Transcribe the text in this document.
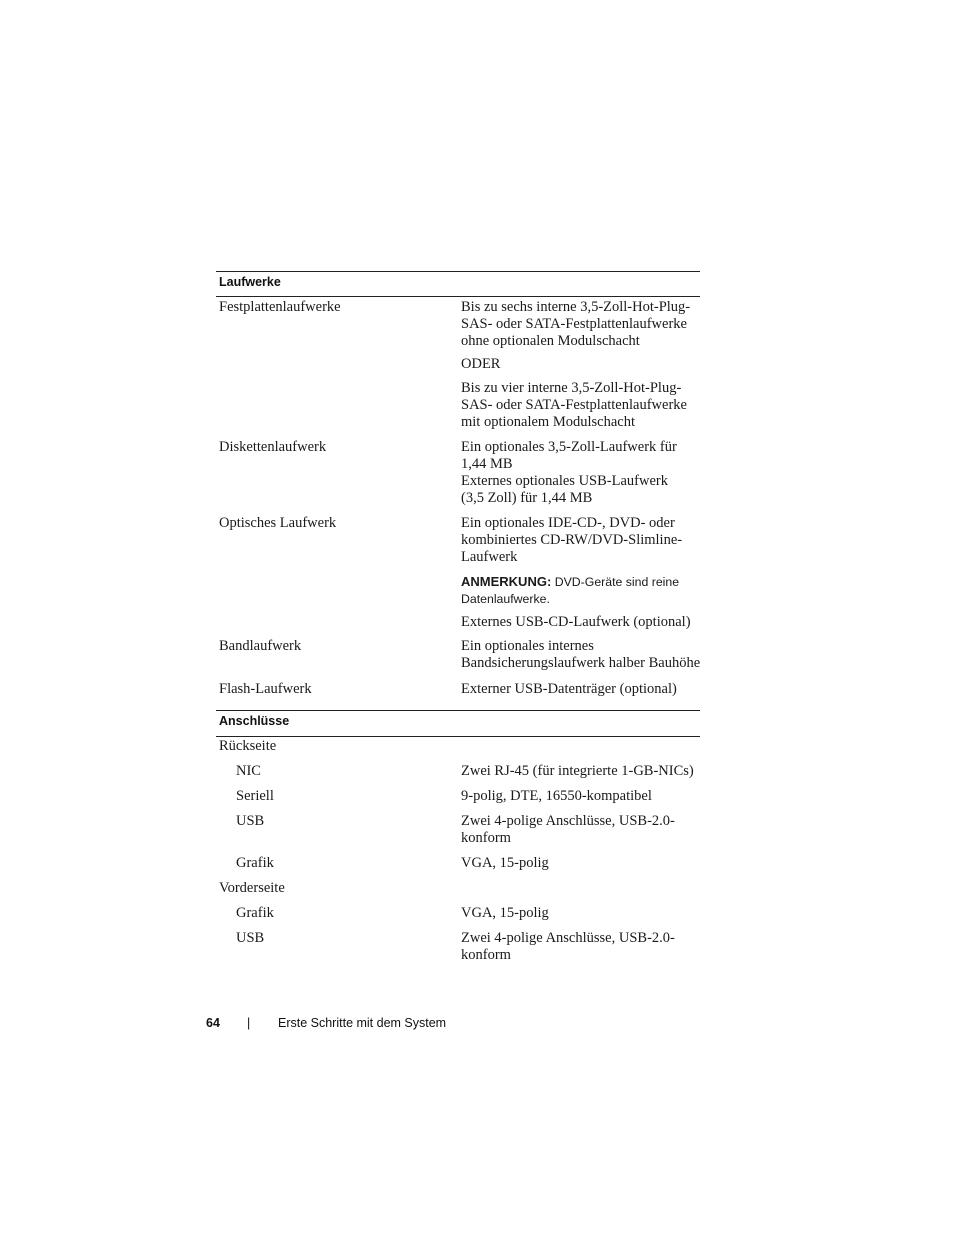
Laufwerke
Festplattenlaufwerke	Bis zu sechs interne 3,5-Zoll-Hot-Plug-
SAS- oder SATA-Festplattenlaufwerke
ohne optionalen Modulschacht
ODER
Bis zu vier interne 3,5-Zoll-Hot-Plug-
SAS- oder SATA-Festplattenlaufwerke
mit optionalem Modulschacht
Diskettenlaufwerk	Ein optionales 3,5-Zoll-Laufwerk für
1,44 MB
Externes optionales USB-Laufwerk
(3,5 Zoll) für 1,44 MB
Optisches Laufwerk	Ein optionales IDE-CD-, DVD- oder
kombiniertes CD-RW/DVD-Slimline-
Laufwerk
ANMERKUNG: DVD-Geräte sind reine
Datenlaufwerke.
Externes USB-CD-Laufwerk (optional)
Bandlaufwerk	Ein optionales internes
Bandsicherungslaufwerk halber Bauhöhe
Flash-Laufwerk	Externer USB-Datenträger (optional)
Anschlüsse
Rückseite
NIC	Zwei RJ-45 (für integrierte 1-GB-NICs)
Seriell	9-polig, DTE, 16550-kompatibel
USB	Zwei 4-polige Anschlüsse, USB-2.0-
konform
Grafik	VGA, 15-polig
Vorderseite
Grafik	VGA, 15-polig
USB	Zwei 4-polige Anschlüsse, USB-2.0-
konform
64 | Erste Schritte mit dem System
